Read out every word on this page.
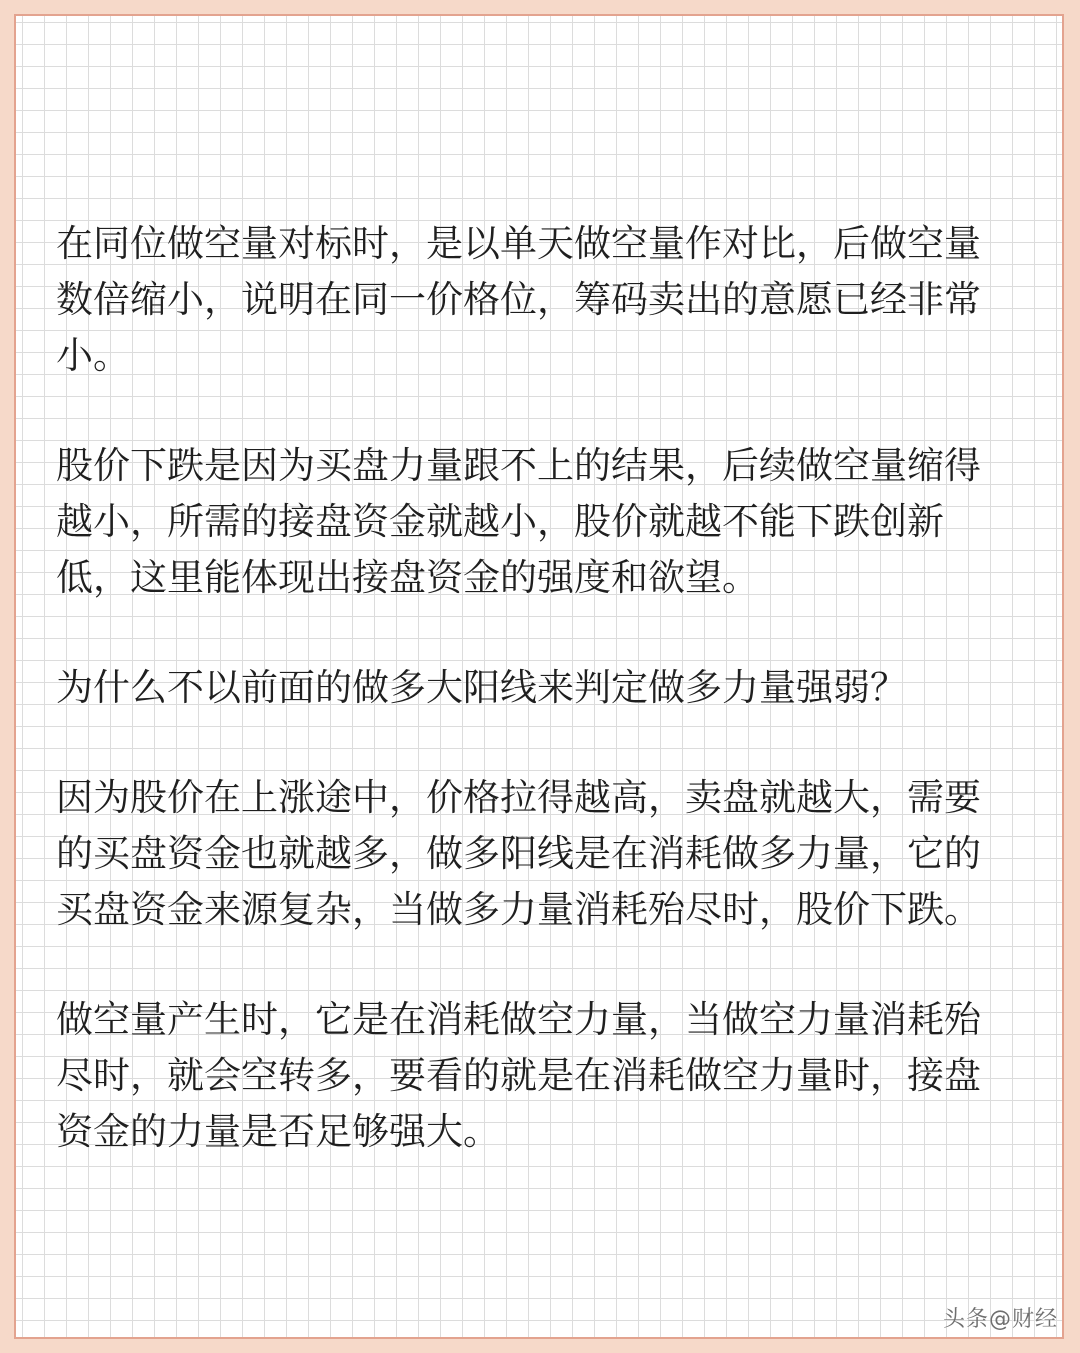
在同位做空量对标时，是以单天做空量作对比，后做空量数倍缩小，说明在同一价格位，筹码卖出的意愿已经非常小。

股价下跌是因为买盘力量跟不上的结果，后续做空量缩得越小，所需的接盘资金就越小，股价就越不能下跌创新低，这里能体现出接盘资金的强度和欲望。

为什么不以前面的做多大阳线来判定做多力量强弱？

因为股价在上涨途中，价格拉得越高，卖盘就越大，需要的买盘资金也就越多，做多阳线是在消耗做多力量，它的买盘资金来源复杂，当做多力量消耗殆尽时，股价下跌。

做空量产生时，它是在消耗做空力量，当做空力量消耗殆尽时，就会空转多，要看的就是在消耗做空力量时，接盘资金的力量是否足够强大。

头条@财经
